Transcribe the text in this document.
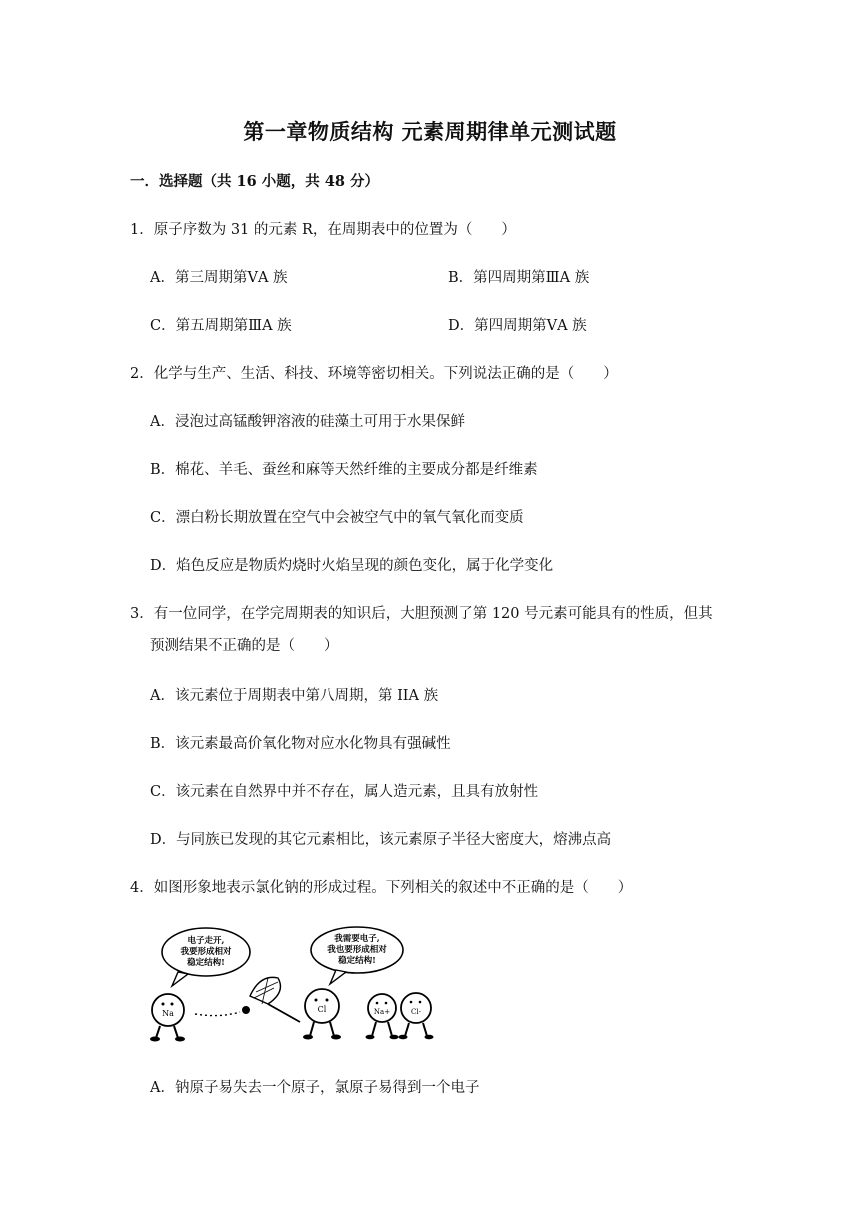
第一章物质结构 元素周期律单元测试题
一．选择题（共 16 小题，共 48 分）
1．原子序数为 31 的元素 R，在周期表中的位置为（　　）
A．第三周期第ⅤA 族	B．第四周期第ⅢA 族
C．第五周期第ⅢA 族	D．第四周期第ⅤA 族
2．化学与生产、生活、科技、环境等密切相关。下列说法正确的是（　　）
A．浸泡过高锰酸钾溶液的硅藻土可用于水果保鲜
B．棉花、羊毛、蚕丝和麻等天然纤维的主要成分都是纤维素
C．漂白粉长期放置在空气中会被空气中的氧气氧化而变质
D．焰色反应是物质灼烧时火焰呈现的颜色变化，属于化学变化
3．有一位同学，在学完周期表的知识后，大胆预测了第 120 号元素可能具有的性质，但其
预测结果不正确的是（　　）
A．该元素位于周期表中第八周期，第 IIA 族
B．该元素最高价氧化物对应水化物具有强碱性
C．该元素在自然界中并不存在，属人造元素，且具有放射性
D．与同族已发现的其它元素相比，该元素原子半径大密度大，熔沸点高
4．如图形象地表示氯化钠的形成过程。下列相关的叙述中不正确的是（　　）
电子走开,
我要形成相对
稳定结构!
Na
我需要电子,
我也要形成相对
稳定结构!
Cl	Na+	Cl-
A．钠原子易失去一个原子，氯原子易得到一个电子
